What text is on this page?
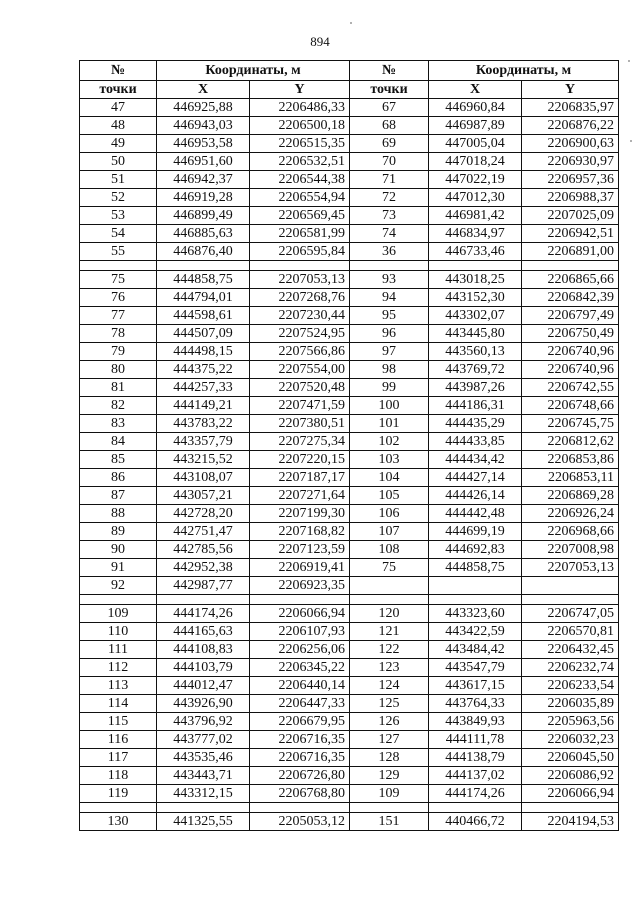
894
№	Координаты, м		№	Координаты, м	
точки	X	Y	точки	X	Y
47	446925,88	2206486,33	67	446960,84	2206835,97
48	446943,03	2206500,18	68	446987,89	2206876,22
49	446953,58	2206515,35	69	447005,04	2206900,63
50	446951,60	2206532,51	70	447018,24	2206930,97
51	446942,37	2206544,38	71	447022,19	2206957,36
52	446919,28	2206554,94	72	447012,30	2206988,37
53	446899,49	2206569,45	73	446981,42	2207025,09
54	446885,63	2206581,99	74	446834,97	2206942,51
55	446876,40	2206595,84	36	446733,46	2206891,00

75	444858,75	2207053,13	93	443018,25	2206865,66
76	444794,01	2207268,76	94	443152,30	2206842,39
77	444598,61	2207230,44	95	443302,07	2206797,49
78	444507,09	2207524,95	96	443445,80	2206750,49
79	444498,15	2207566,86	97	443560,13	2206740,96
80	444375,22	2207554,00	98	443769,72	2206740,96
81	444257,33	2207520,48	99	443987,26	2206742,55
82	444149,21	2207471,59	100	444186,31	2206748,66
83	443783,22	2207380,51	101	444435,29	2206745,75
84	443357,79	2207275,34	102	444433,85	2206812,62
85	443215,52	2207220,15	103	444434,42	2206853,86
86	443108,07	2207187,17	104	444427,14	2206853,11
87	443057,21	2207271,64	105	444426,14	2206869,28
88	442728,20	2207199,30	106	444442,48	2206926,24
89	442751,47	2207168,82	107	444699,19	2206968,66
90	442785,56	2207123,59	108	444692,83	2207008,98
91	442952,38	2206919,41	75	444858,75	2207053,13
92	442987,77	2206923,35			

109	444174,26	2206066,94	120	443323,60	2206747,05
110	444165,63	2206107,93	121	443422,59	2206570,81
111	444108,83	2206256,06	122	443484,42	2206432,45
112	444103,79	2206345,22	123	443547,79	2206232,74
113	444012,47	2206440,14	124	443617,15	2206233,54
114	443926,90	2206447,33	125	443764,33	2206035,89
115	443796,92	2206679,95	126	443849,93	2205963,56
116	443777,02	2206716,35	127	444111,78	2206032,23
117	443535,46	2206716,35	128	444138,79	2206045,50
118	443443,71	2206726,80	129	444137,02	2206086,92
119	443312,15	2206768,80	109	444174,26	2206066,94

130	441325,55	2205053,12	151	440466,72	2204194,53
